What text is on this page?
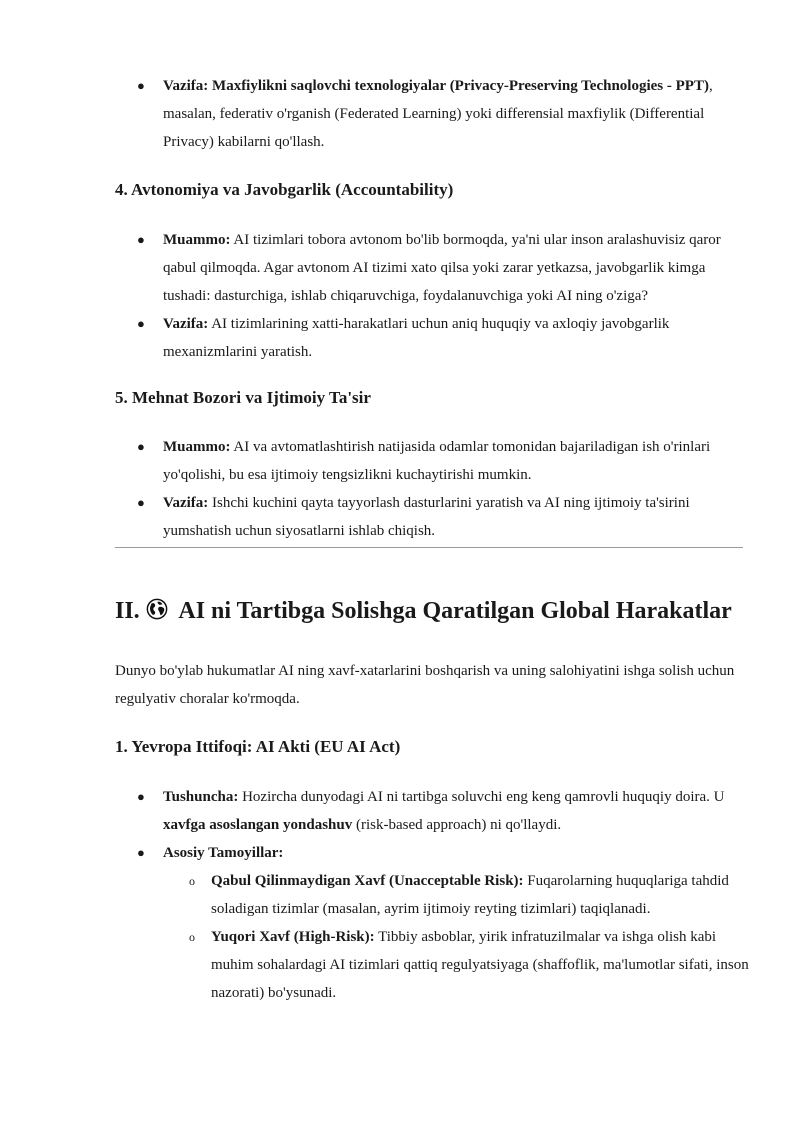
● Vazifa: Maxfiylikni saqlovchi texnologiyalar (Privacy-Preserving Technologies - PPT), masalan, federativ o'rganish (Federated Learning) yoki differensial maxfiylik (Differential Privacy) kabilarni qo'llash.
4. Avtonomiya va Javobgarlik (Accountability)
● Muammo: AI tizimlari tobora avtonom bo'lib bormoqda, ya'ni ular inson aralashuvisiz qaror qabul qilmoqda. Agar avtonom AI tizimi xato qilsa yoki zarar yetkazsa, javobgarlik kimga tushadi: dasturchiga, ishlab chiqaruvchiga, foydalanuvchiga yoki AI ning o'ziga?
● Vazifa: AI tizimlarining xatti-harakatlari uchun aniq huquqiy va axloqiy javobgarlik mexanizmlarini yaratish.
5. Mehnat Bozori va Ijtimoiy Ta'sir
● Muammo: AI va avtomatlashtirish natijasida odamlar tomonidan bajariladigan ish o'rinlari yo'qolishi, bu esa ijtimoiy tengsizlikni kuchaytirishi mumkin.
● Vazifa: Ishchi kuchini qayta tayyorlash dasturlarini yaratish va AI ning ijtimoiy ta'sirini yumshatish uchun siyosatlarni ishlab chiqish.
II. AI ni Tartibga Solishga Qaratilgan Global Harakatlar
Dunyo bo'ylab hukumatlar AI ning xavf-xatarlarini boshqarish va uning salohiyatini ishga solish uchun regulyativ choralar ko'rmoqda.
1. Yevropa Ittifoqi: AI Akti (EU AI Act)
● Tushuncha: Hozircha dunyodagi AI ni tartibga soluvchi eng keng qamrovli huquqiy doira. U xavfga asoslangan yondashuv (risk-based approach) ni qo'llaydi.
● Asosiy Tamoyillar:
o Qabul Qilinmaydigan Xavf (Unacceptable Risk): Fuqarolarning huquqlariga tahdid soladigan tizimlar (masalan, ayrim ijtimoiy reyting tizimlari) taqiqlanadi.
o Yuqori Xavf (High-Risk): Tibbiy asboblar, yirik infratuzilmalar va ishga olish kabi muhim sohalardagi AI tizimlari qattiq regulyatsiyaga (shaffoflik, ma'lumotlar sifati, inson nazorati) bo'ysunadi.
